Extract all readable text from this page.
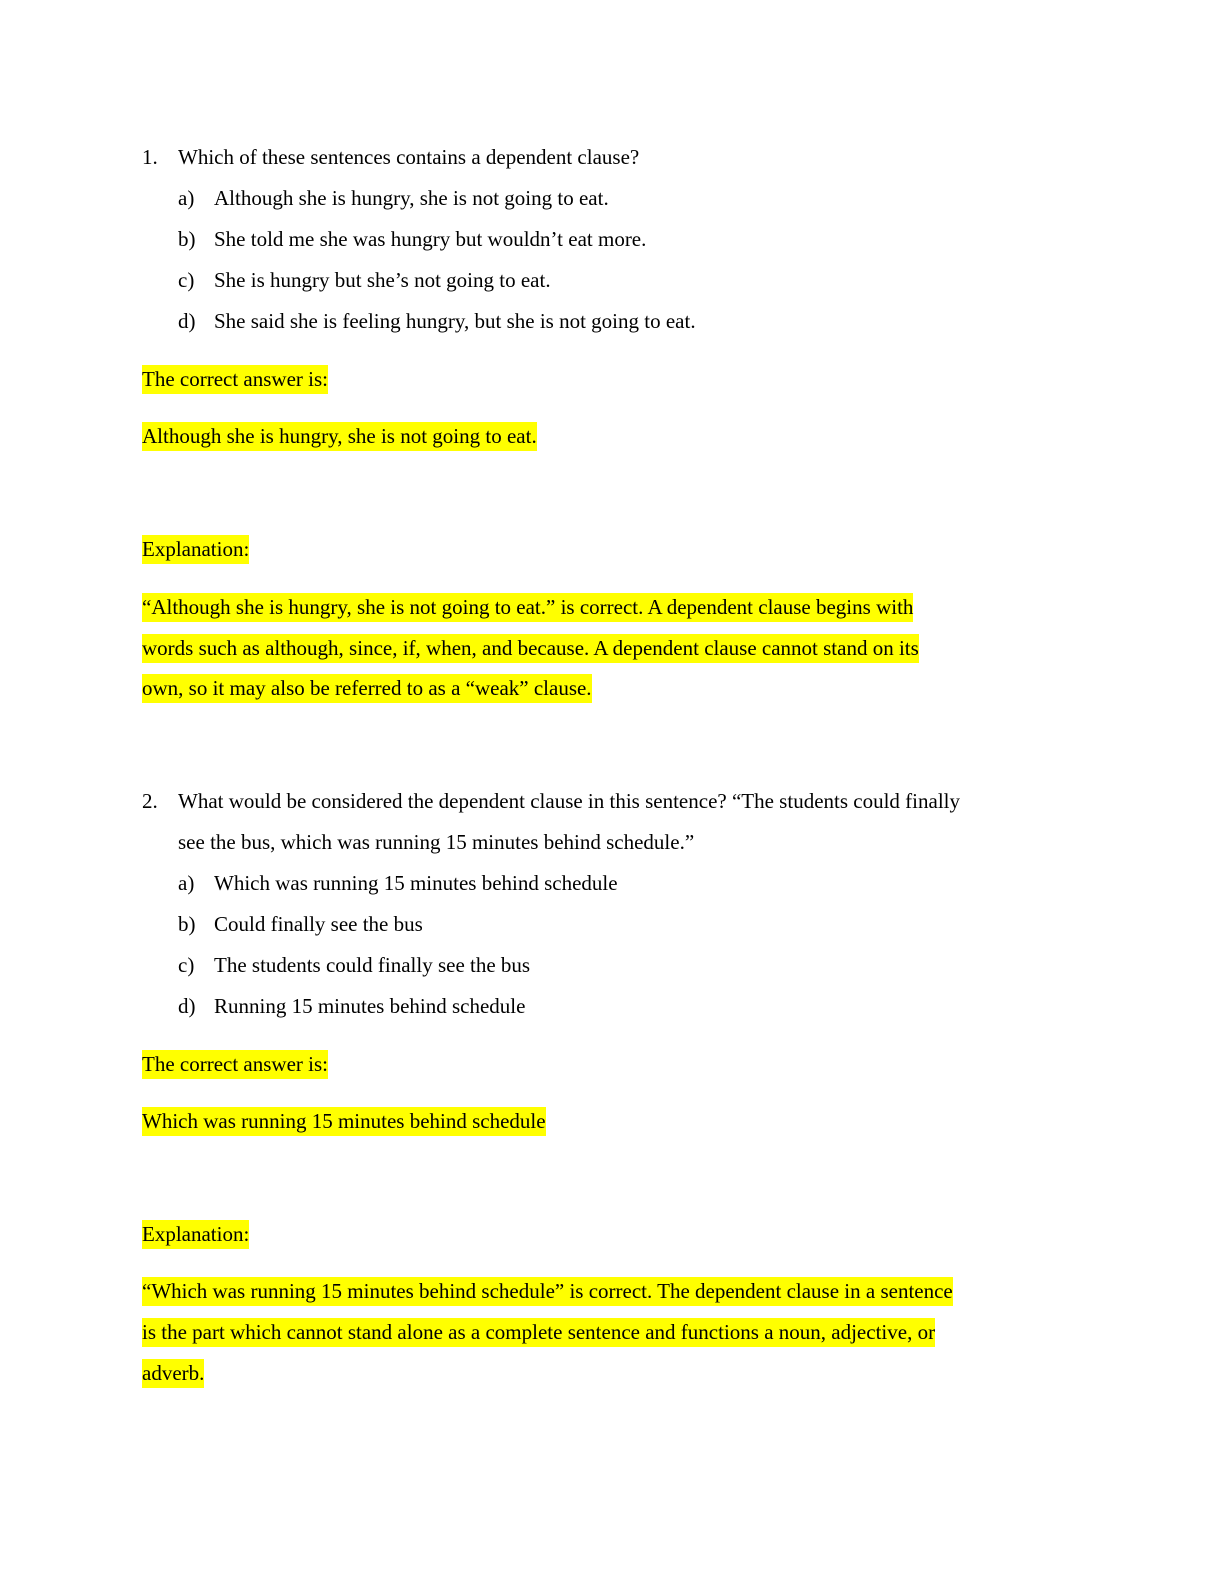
1. Which of these sentences contains a dependent clause?
a) Although she is hungry, she is not going to eat.
b) She told me she was hungry but wouldn’t eat more.
c) She is hungry but she’s not going to eat.
d) She said she is feeling hungry, but she is not going to eat.
The correct answer is:
Although she is hungry, she is not going to eat.
Explanation:
“Although she is hungry, she is not going to eat.” is correct. A dependent clause begins with
words such as although, since, if, when, and because. A dependent clause cannot stand on its
own, so it may also be referred to as a “weak” clause.
2. What would be considered the dependent clause in this sentence? “The students could finally
see the bus, which was running 15 minutes behind schedule.”
a) Which was running 15 minutes behind schedule
b) Could finally see the bus
c) The students could finally see the bus
d) Running 15 minutes behind schedule
The correct answer is:
Which was running 15 minutes behind schedule
Explanation:
“Which was running 15 minutes behind schedule” is correct. The dependent clause in a sentence
is the part which cannot stand alone as a complete sentence and functions a noun, adjective, or
adverb.
